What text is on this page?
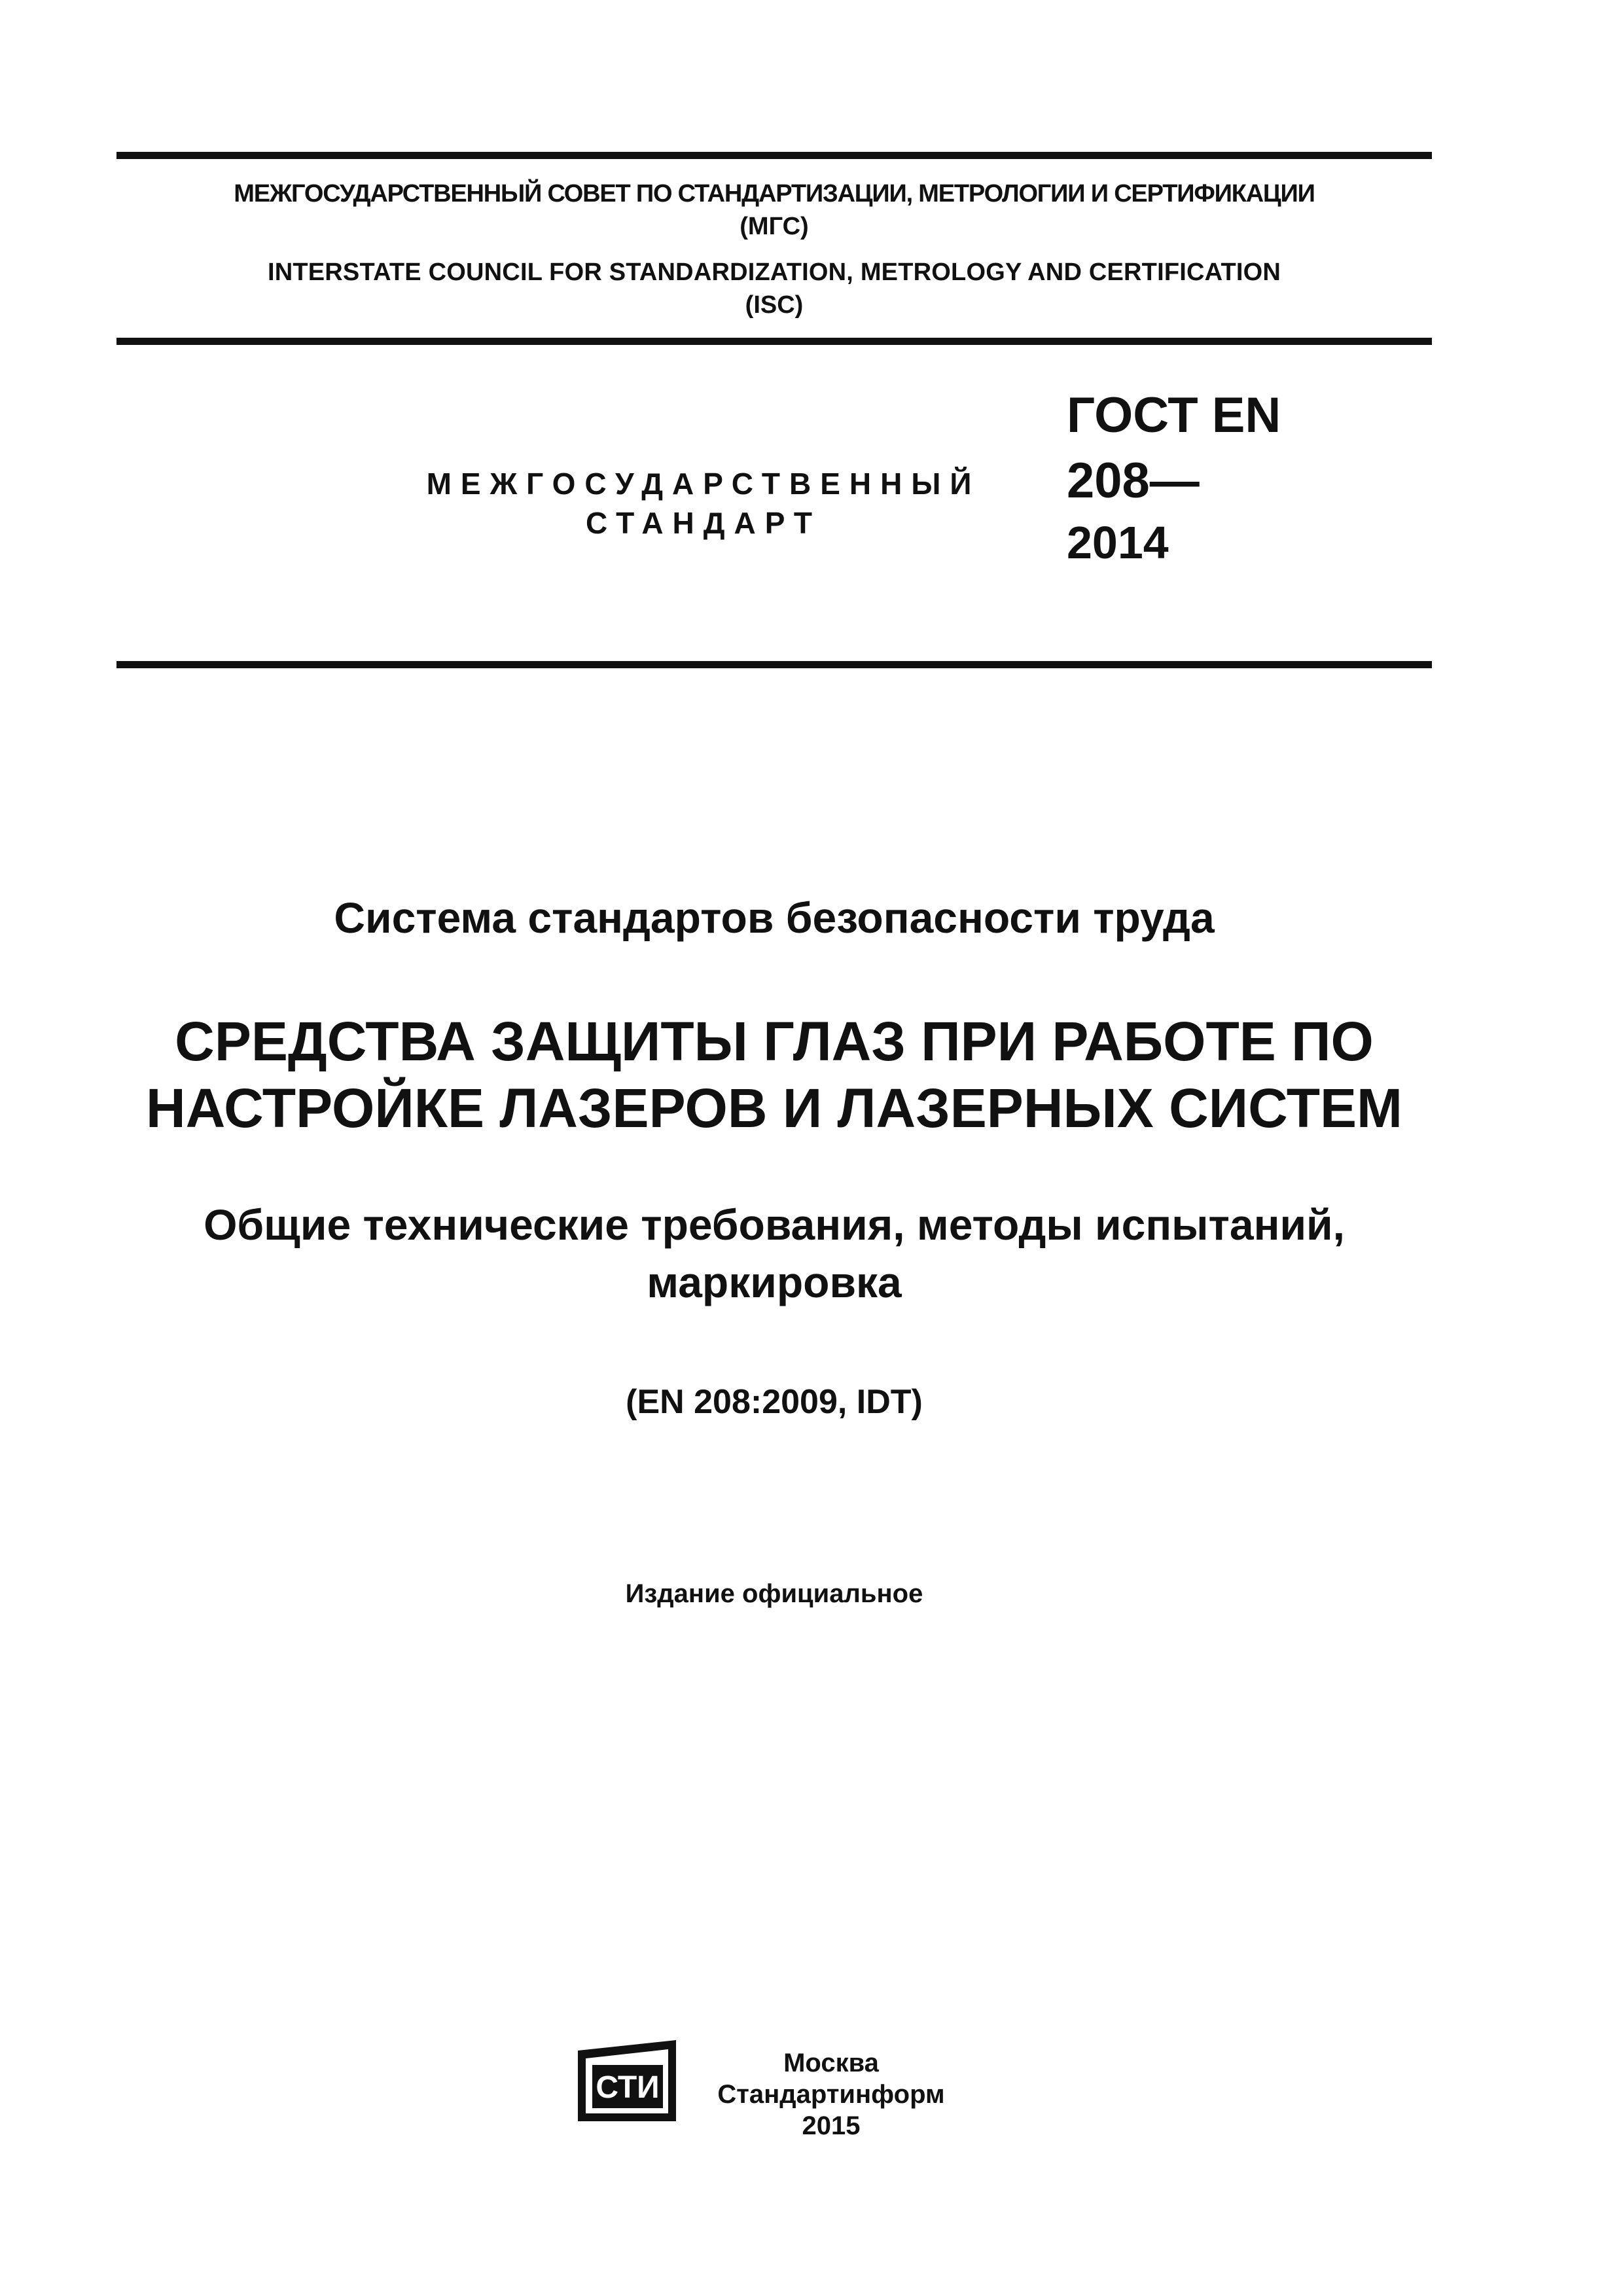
МЕЖГОСУДАРСТВЕННЫЙ СОВЕТ ПО СТАНДАРТИЗАЦИИ, МЕТРОЛОГИИ И СЕРТИФИКАЦИИ
(МГС)
INTERSTATE COUNCIL FOR STANDARDIZATION, METROLOGY AND CERTIFICATION
(ISC)
МЕЖГОСУДАРСТВЕННЫЙ
СТАНДАРТ
ГОСТ EN
208—
2014
Система стандартов безопасности труда
СРЕДСТВА ЗАЩИТЫ ГЛАЗ ПРИ РАБОТЕ ПО
НАСТРОЙКЕ ЛАЗЕРОВ И ЛАЗЕРНЫХ СИСТЕМ
Общие технические требования, методы испытаний,
маркировка
(EN 208:2009, IDT)
Издание официальное
СТИ
Москва
Стандартинформ
2015
